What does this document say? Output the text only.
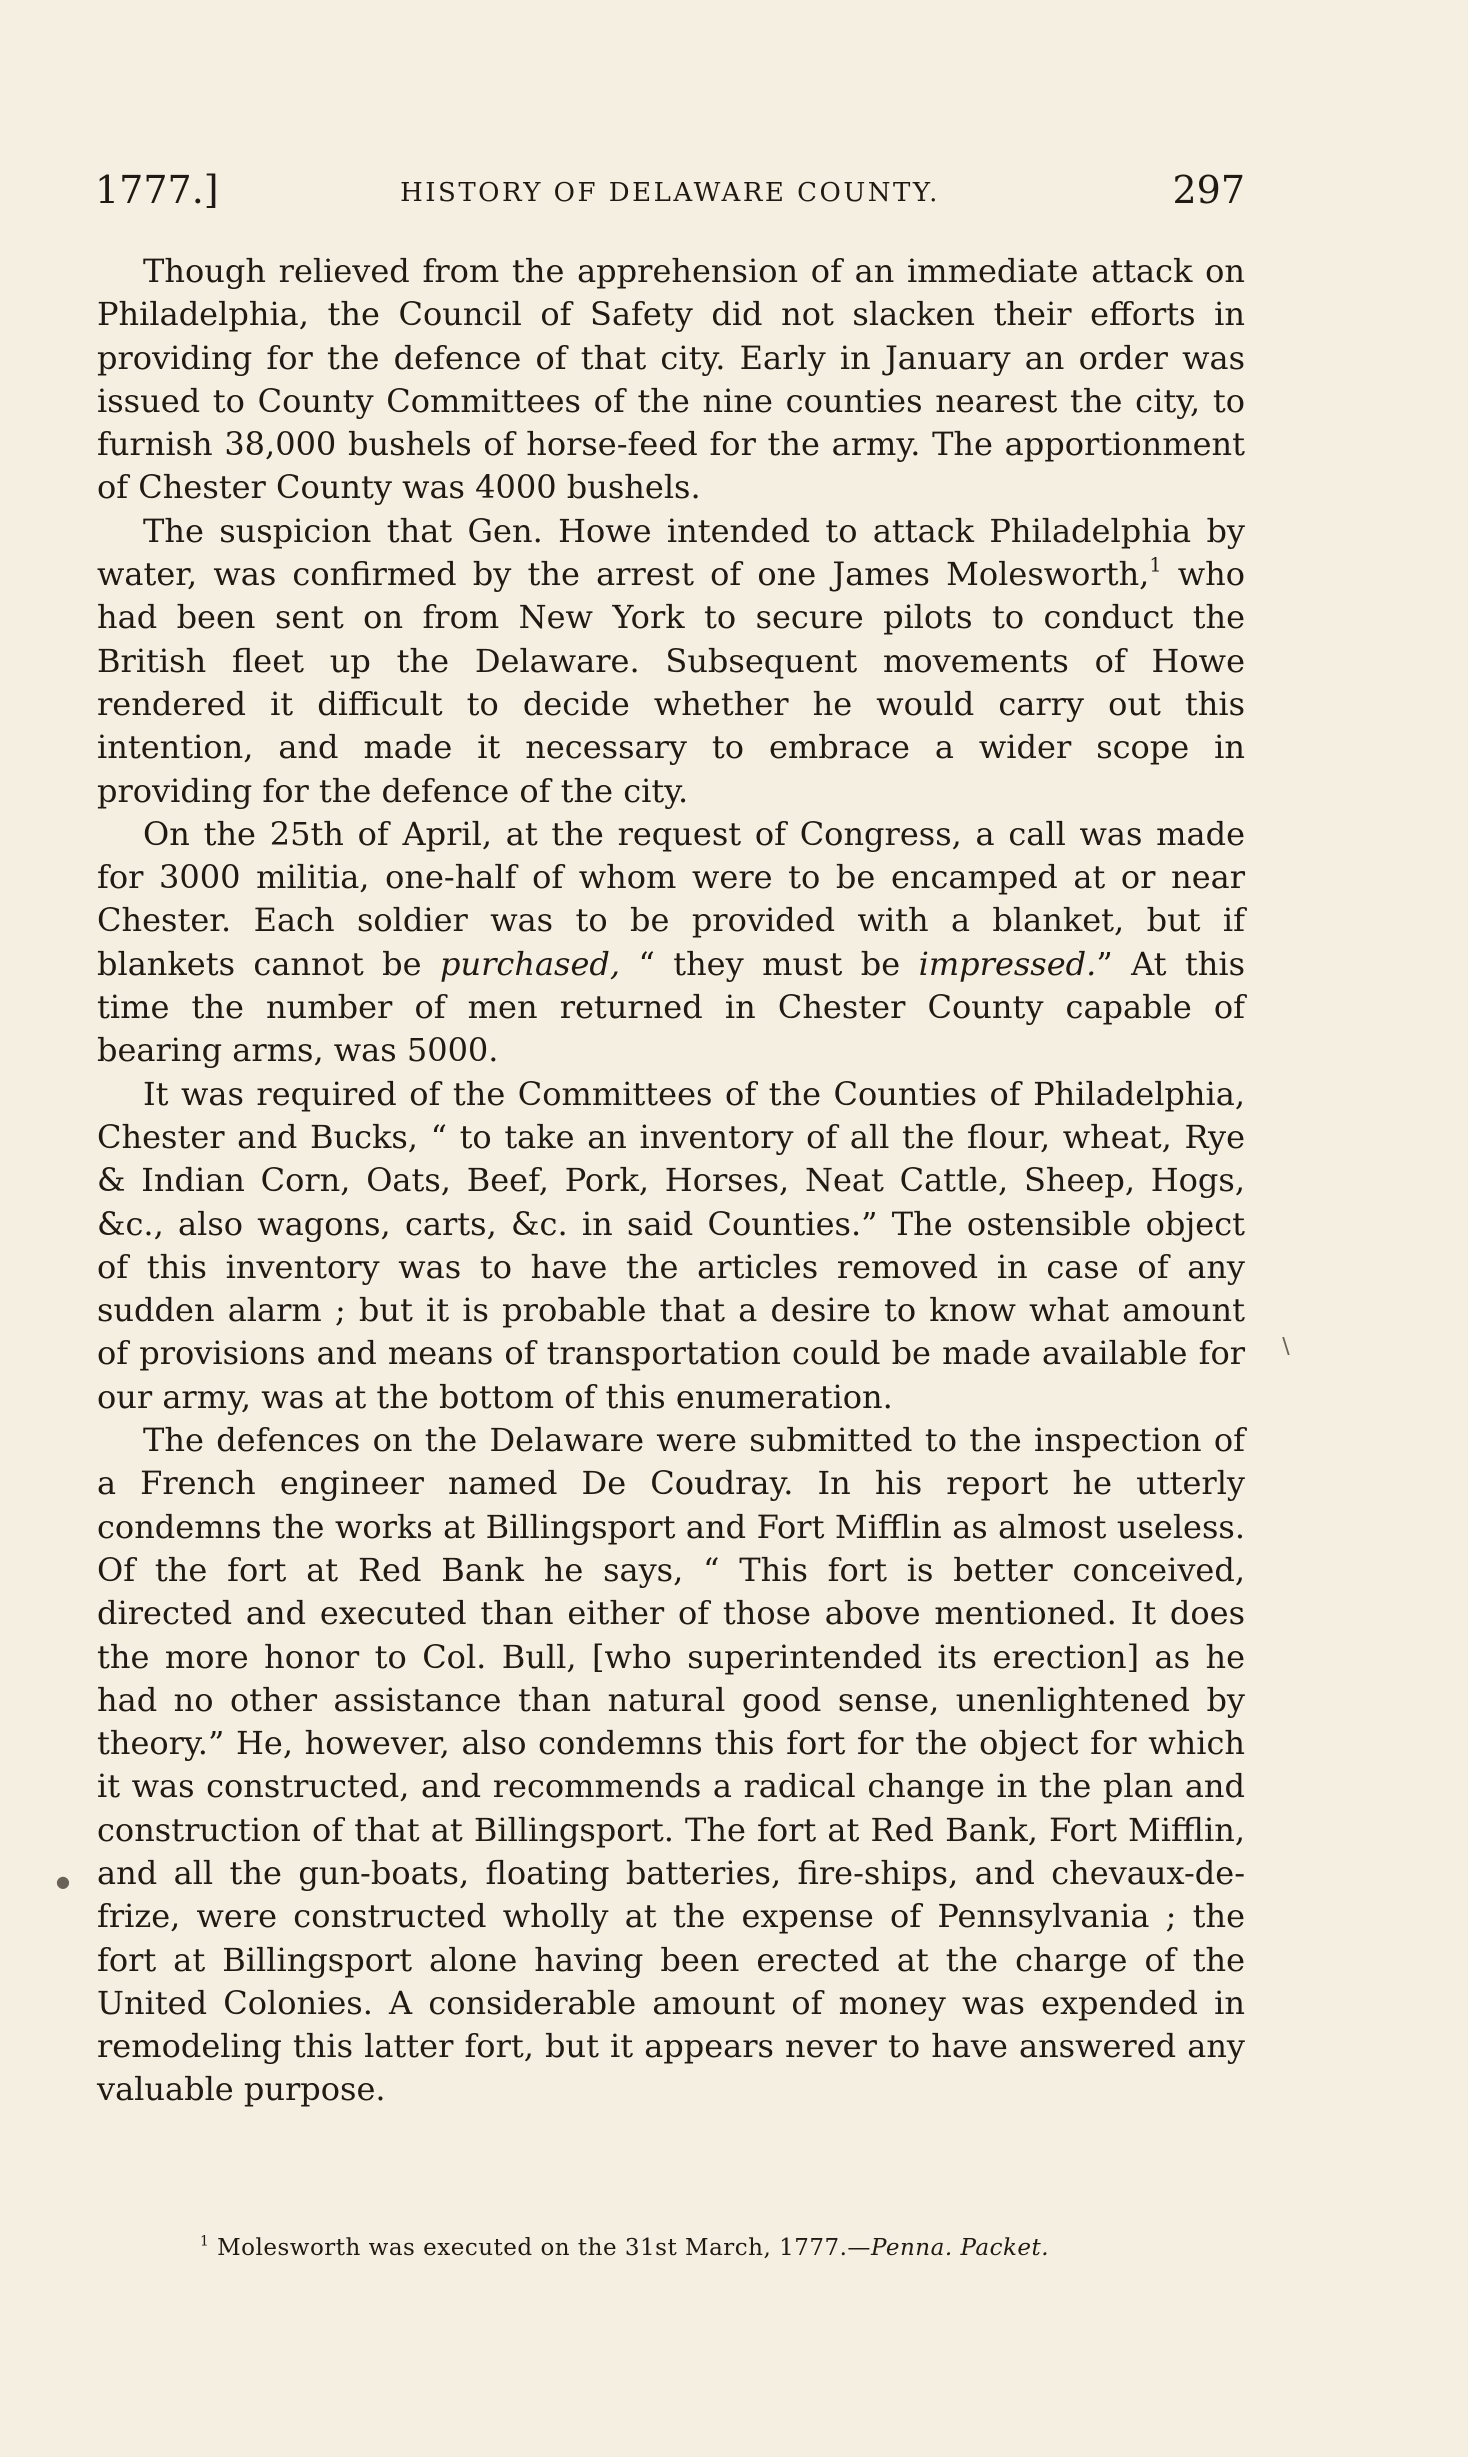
1777.]	HISTORY OF DELAWARE COUNTY.	297

Though relieved from the apprehension of an immediate attack on Philadelphia, the Council of Safety did not slacken their efforts in providing for the defence of that city. Early in January an order was issued to County Committees of the nine counties nearest the city, to furnish 38,000 bushels of horse-feed for the army. The apportionment of Chester County was 4000 bushels.

The suspicion that Gen. Howe intended to attack Philadelphia by water, was confirmed by the arrest of one James Molesworth,$^1$ who had been sent on from New York to secure pilots to conduct the British fleet up the Delaware. Subsequent movements of Howe rendered it difficult to decide whether he would carry out this intention, and made it necessary to embrace a wider scope in providing for the defence of the city.

On the 25th of April, at the request of Congress, a call was made for 3000 militia, one-half of whom were to be encamped at or near Chester. Each soldier was to be provided with a blanket, but if blankets cannot be purchased, “ they must be impressed.” At this time the number of men returned in Chester County capable of bearing arms, was 5000.

It was required of the Committees of the Counties of Philadelphia, Chester and Bucks, “ to take an inventory of all the flour, wheat, Rye & Indian Corn, Oats, Beef, Pork, Horses, Neat Cattle, Sheep, Hogs, &c., also wagons, carts, &c. in said Counties.” The ostensible object of this inventory was to have the articles removed in case of any sudden alarm ; but it is probable that a desire to know what amount of provisions and means of transportation could be made available for our army, was at the bottom of this enumeration.

The defences on the Delaware were submitted to the inspection of a French engineer named De Coudray. In his report he utterly condemns the works at Billingsport and Fort Mifflin as almost useless. Of the fort at Red Bank he says, “ This fort is better conceived, directed and executed than either of those above mentioned. It does the more honor to Col. Bull, [who superintended its erection] as he had no other assistance than natural good sense, unenlightened by theory.” He, however, also condemns this fort for the object for which it was constructed, and recommends a radical change in the plan and construction of that at Billingsport. The fort at Red Bank, Fort Mifflin, and all the gun-boats, floating batteries, fire-ships, and chevaux-de-frize, were constructed wholly at the expense of Pennsylvania ; the fort at Billingsport alone having been erected at the charge of the United Colonies. A considerable amount of money was expended in remodeling this latter fort, but it appears never to have answered any valuable purpose.

$^1$ Molesworth was executed on the 31st March, 1777.—Penna. Packet.
∖
●
